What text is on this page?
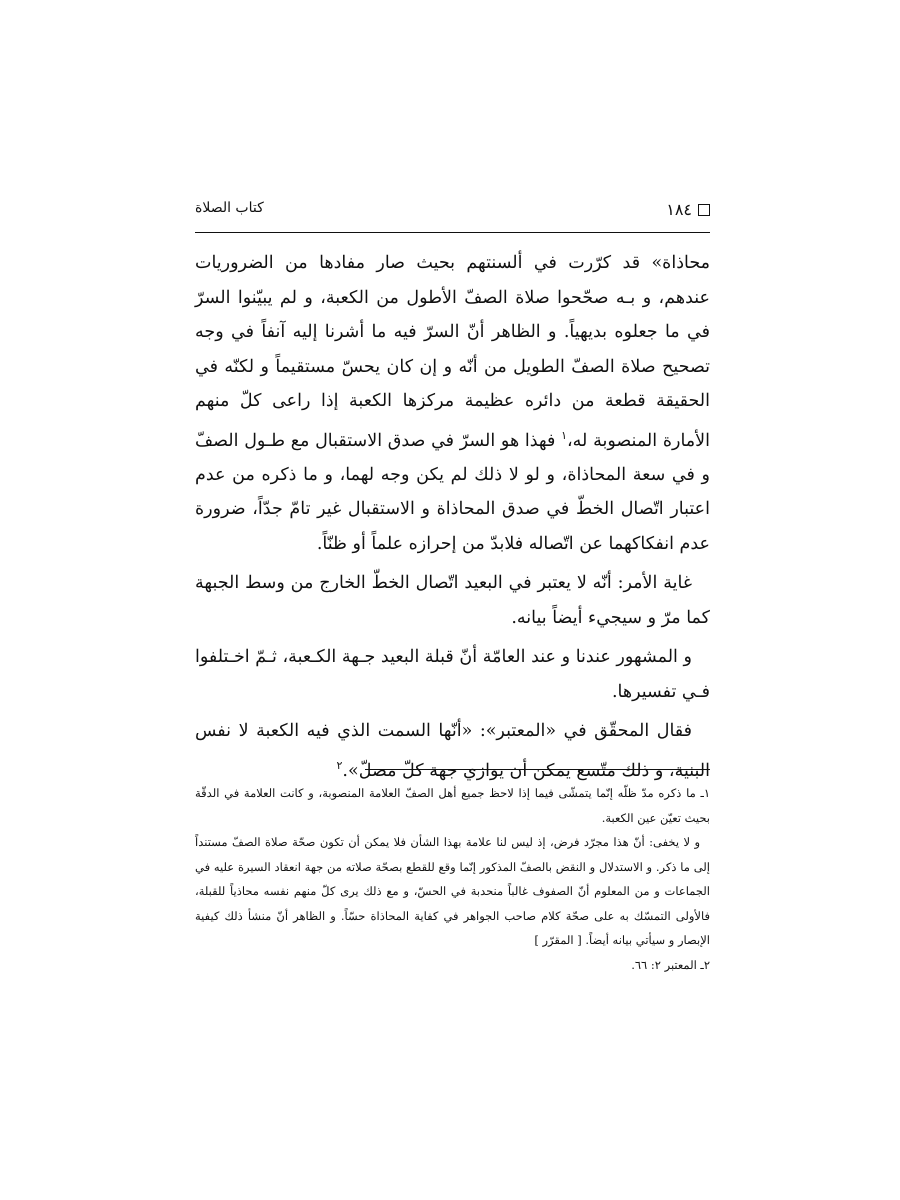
١٨٤
كتاب الصلاة

محاذاة» قد كرّرت في ألسنتهم بحيث صار مفادها من الضروريات عندهم، و بـه صحّحوا صلاة الصفّ الأطول من الكعبة، و لم يبيّنوا السرّ في ما جعلوه بديهياً. و الظاهر أنّ السرّ فيه ما أشرنا إليه آنفاً في وجه تصحيح صلاة الصفّ الطويل من أنّه و إن كان يحسّ مستقيماً و لكنّه في الحقيقة قطعة من دائره عظيمة مركزها الكعبة إذا راعى كلّ منهم الأمارة المنصوبة له،$^١$ فهذا هو السرّ في صدق الاستقبال مع طـول الصفّ و في سعة المحاذاة، و لو لا ذلك لم يكن وجه لهما، و ما ذكره من عدم اعتبار اتّصال الخطّ في صدق المحاذاة و الاستقبال غير تامّ جدّاً، ضرورة عدم انفكاكهما عن اتّصاله فلابدّ من إحرازه علماً أو ظنّاً.

غاية الأمر: أنّه لا يعتبر في البعيد اتّصال الخطّ الخارج من وسط الجبهة كما مرّ و سيجيء أيضاً بيانه.

و المشهور عندنا و عند العامّة أنّ قبلة البعيد جـهة الكـعبة، ثـمّ اخـتلفوا فـي تفسيرها.

فقال المحقّق في «المعتبر»: «أنّها السمت الذي فيه الكعبة لا نفس البنية، و ذلك متّسع يمكن أن يوازي جهة كلّ مصلّ».$^٢$

١ـ ما ذكره مدّ ظلّه إنّما يتمشّى فيما إذا لاحظ جميع أهل الصفّ العلامة المنصوبة، و كانت العلامة في الدقّة بحيث تعيّن عين الكعبة.

و لا يخفى: أنّ هذا مجرّد فرض، إذ ليس لنا علامة بهذا الشأن فلا يمكن أن تكون صحّة صلاة الصفّ مستنداً إلى ما ذكر. و الاستدلال و النقض بالصفّ المذكور إنّما وقع للقطع بصحّة صلاته من جهة انعقاد السيرة عليه في الجماعات و من المعلوم أنّ الصفوف غالباً منحدبة في الحسّ، و مع ذلك يرى كلّ منهم نفسه محاذياً للقبلة، فالأولى التمسّك به على صحّة كلام صاحب الجواهر في كفاية المحاذاة حسّاً. و الظاهر أنّ منشأ ذلك كيفية الإبصار و سيأتي بيانه أيضاً. [ المقرّر ]

٢ـ المعتبر ٢: ٦٦.
